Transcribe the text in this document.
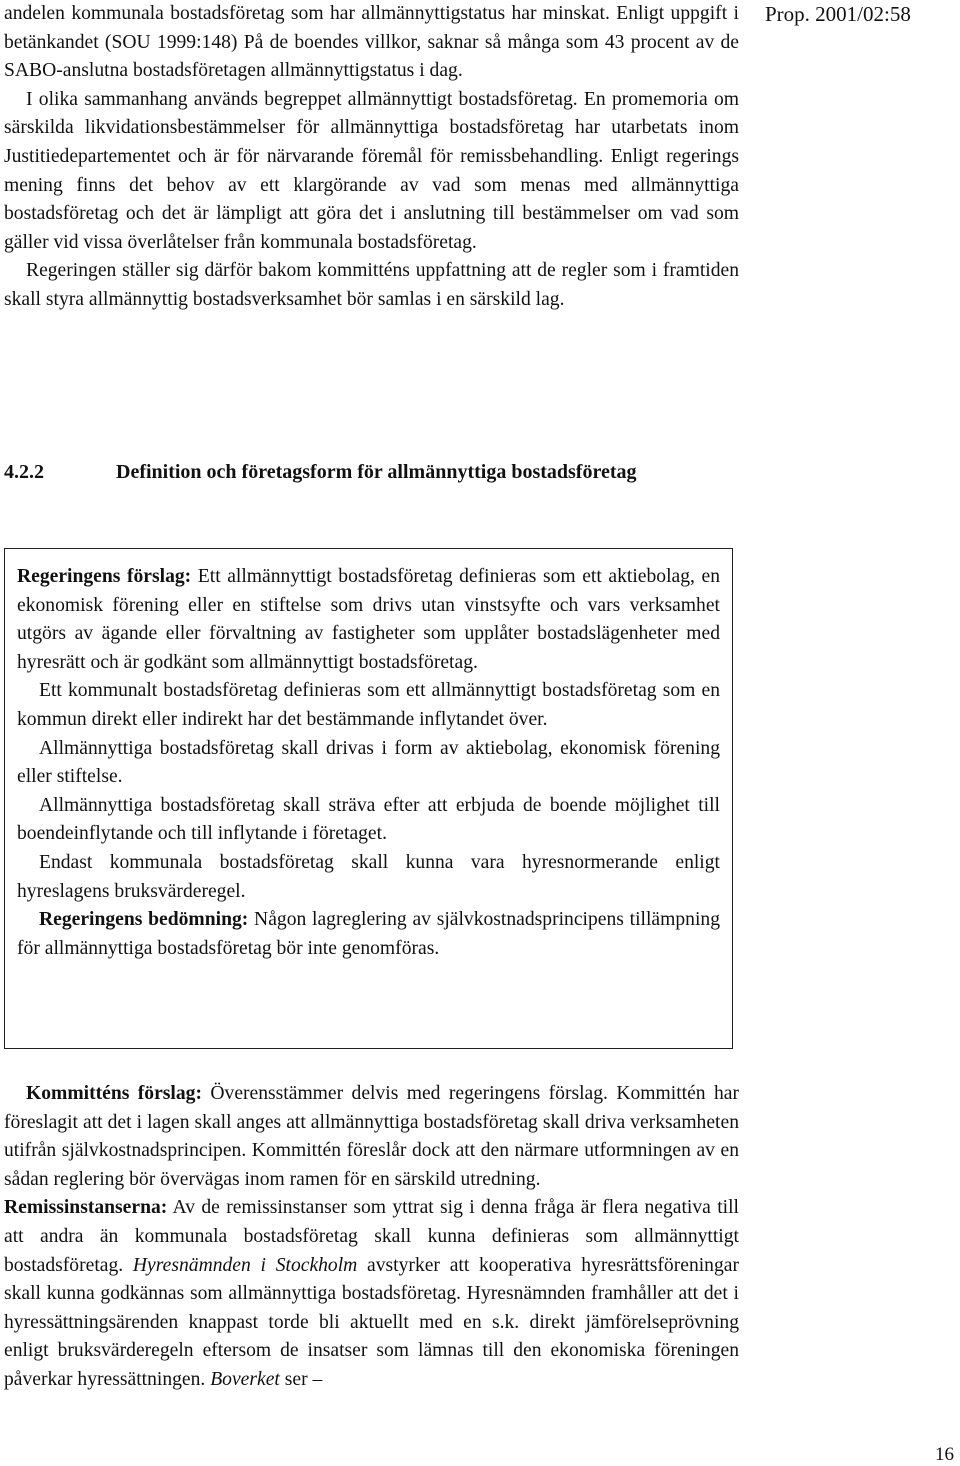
Prop. 2001/02:58

andelen kommunala bostadsföretag som har allmännyttigstatus har minskat. Enligt uppgift i betänkandet (SOU 1999:148) På de boendes villkor, saknar så många som 43 procent av de SABO-anslutna bostadsföretagen allmännyttigstatus i dag.

I olika sammanhang används begreppet allmännyttigt bostadsföretag. En promemoria om särskilda likvidationsbestämmelser för allmännyttiga bostadsföretag har utarbetats inom Justitiedepartementet och är för närvarande föremål för remissbehandling. Enligt regerings mening finns det behov av ett klargörande av vad som menas med allmännyttiga bostadsföretag och det är lämpligt att göra det i anslutning till bestämmelser om vad som gäller vid vissa överlåtelser från kommunala bostadsföretag.

Regeringen ställer sig därför bakom kommitténs uppfattning att de regler som i framtiden skall styra allmännyttig bostadsverksamhet bör samlas i en särskild lag.

4.2.2	Definition och företagsform för allmännyttiga bostadsföretag

Regeringens förslag: Ett allmännyttigt bostadsföretag definieras som ett aktiebolag, en ekonomisk förening eller en stiftelse som drivs utan vinstsyfte och vars verksamhet utgörs av ägande eller förvaltning av fastigheter som upplåter bostadslägenheter med hyresrätt och är godkänt som allmännyttigt bostadsföretag.

Ett kommunalt bostadsföretag definieras som ett allmännyttigt bostadsföretag som en kommun direkt eller indirekt har det bestämmande inflytandet över.

Allmännyttiga bostadsföretag skall drivas i form av aktiebolag, ekonomisk förening eller stiftelse.

Allmännyttiga bostadsföretag skall sträva efter att erbjuda de boende möjlighet till boendeinflytande och till inflytande i företaget.

Endast kommunala bostadsföretag skall kunna vara hyresnormerande enligt hyreslagens bruksvärderegel.

Regeringens bedömning: Någon lagreglering av självkostnadsprincipens tillämpning för allmännyttiga bostadsföretag bör inte genomföras.

Kommitténs förslag: Överensstämmer delvis med regeringens förslag. Kommittén har föreslagit att det i lagen skall anges att allmännyttiga bostadsföretag skall driva verksamheten utifrån självkostnadsprincipen. Kommittén föreslår dock att den närmare utformningen av en sådan reglering bör övervägas inom ramen för en särskild utredning.

Remissinstanserna: Av de remissinstanser som yttrat sig i denna fråga är flera negativa till att andra än kommunala bostadsföretag skall kunna definieras som allmännyttigt bostadsföretag. Hyresnämnden i Stockholm avstyrker att kooperativa hyresrättsföreningar skall kunna godkännas som allmännyttiga bostadsföretag. Hyresnämnden framhåller att det i hyressättningsärenden knappast torde bli aktuellt med en s.k. direkt jämförelseprövning enligt bruksvärderegeln eftersom de insatser som lämnas till den ekonomiska föreningen påverkar hyressättningen. Boverket ser –

16
